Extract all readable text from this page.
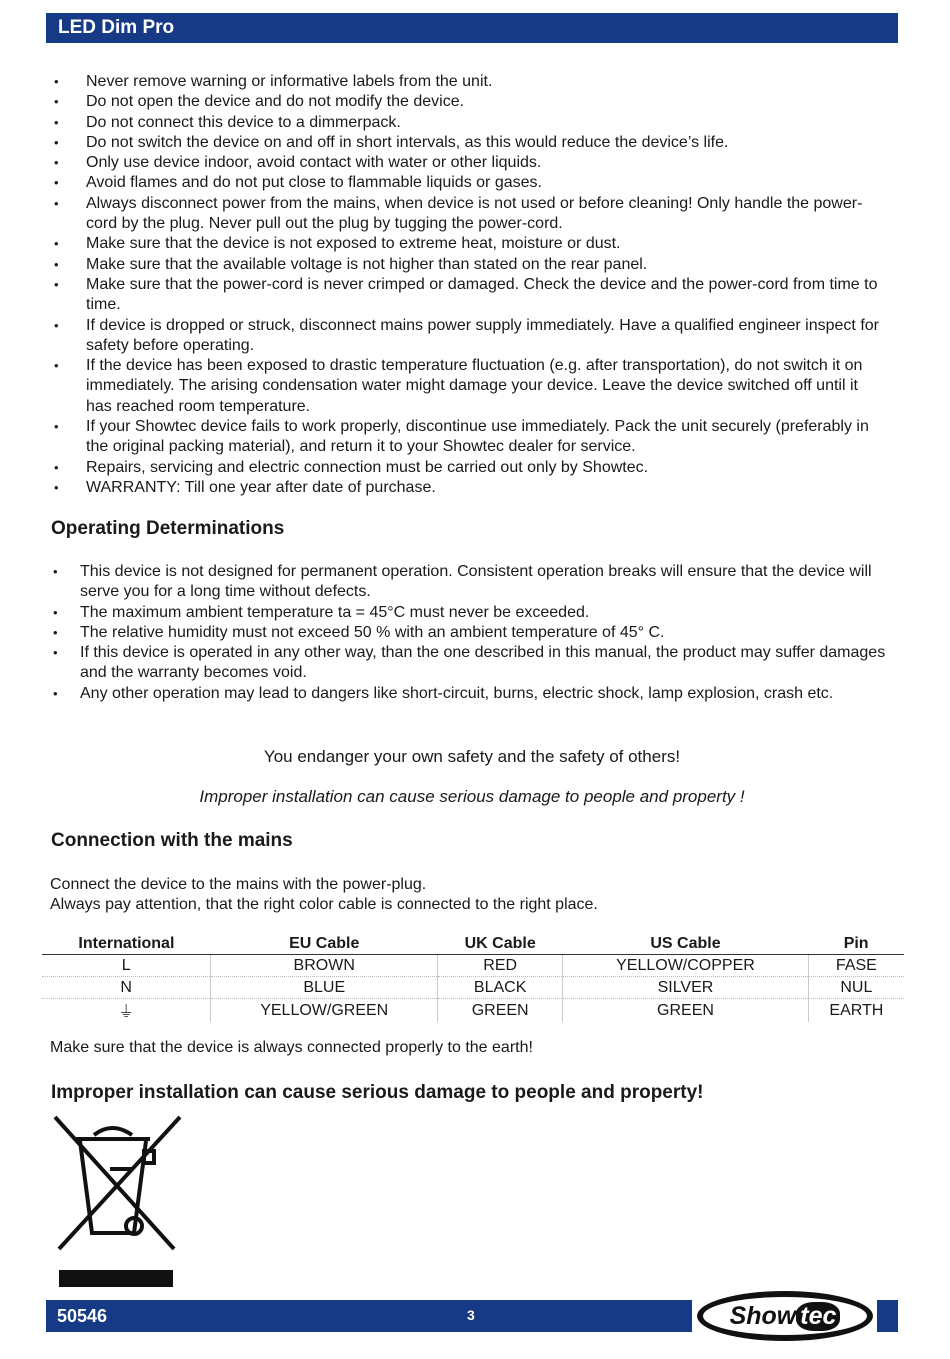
LED Dim Pro
• Never remove warning or informative labels from the unit.
• Do not open the device and do not modify the device.
• Do not connect this device to a dimmerpack.
• Do not switch the device on and off in short intervals, as this would reduce the device’s life.
• Only use device indoor, avoid contact with water or other liquids.
• Avoid flames and do not put close to flammable liquids or gases.
• Always disconnect power from the mains, when device is not used or before cleaning! Only handle the power-cord by the plug. Never pull out the plug by tugging the power-cord.
• Make sure that the device is not exposed to extreme heat, moisture or dust.
• Make sure that the available voltage is not higher than stated on the rear panel.
• Make sure that the power-cord is never crimped or damaged. Check the device and the power-cord from time to time.
• If device is dropped or struck, disconnect mains power supply immediately. Have a qualified engineer inspect for safety before operating.
• If the device has been exposed to drastic temperature fluctuation (e.g. after transportation), do not switch it on immediately. The arising condensation water might damage your device. Leave the device switched off until it has reached room temperature.
• If your Showtec device fails to work properly, discontinue use immediately. Pack the unit securely (preferably in the original packing material), and return it to your Showtec dealer for service.
• Repairs, servicing and electric connection must be carried out only by Showtec.
• WARRANTY: Till one year after date of purchase.
Operating Determinations
• This device is not designed for permanent operation. Consistent operation breaks will ensure that the device will serve you for a long time without defects.
• The maximum ambient temperature ta = 45°C must never be exceeded.
• The relative humidity must not exceed 50 % with an ambient temperature of 45° C.
• If this device is operated in any other way, than the one described in this manual, the product may suffer damages and the warranty becomes void.
• Any other operation may lead to dangers like short-circuit, burns, electric shock, lamp explosion, crash etc.
You endanger your own safety and the safety of others!
Improper installation can cause serious damage to people and property !
Connection with the mains
Connect the device to the mains with the power-plug.
Always pay attention, that the right color cable is connected to the right place.
International	EU Cable	UK Cable	US Cable	Pin
L	BROWN	RED	YELLOW/COPPER	FASE
N	BLUE	BLACK	SILVER	NUL
⏚	YELLOW/GREEN	GREEN	GREEN	EARTH
Make sure that the device is always connected properly to the earth!
Improper installation can cause serious damage to people and property!
50546	3	Show tec
